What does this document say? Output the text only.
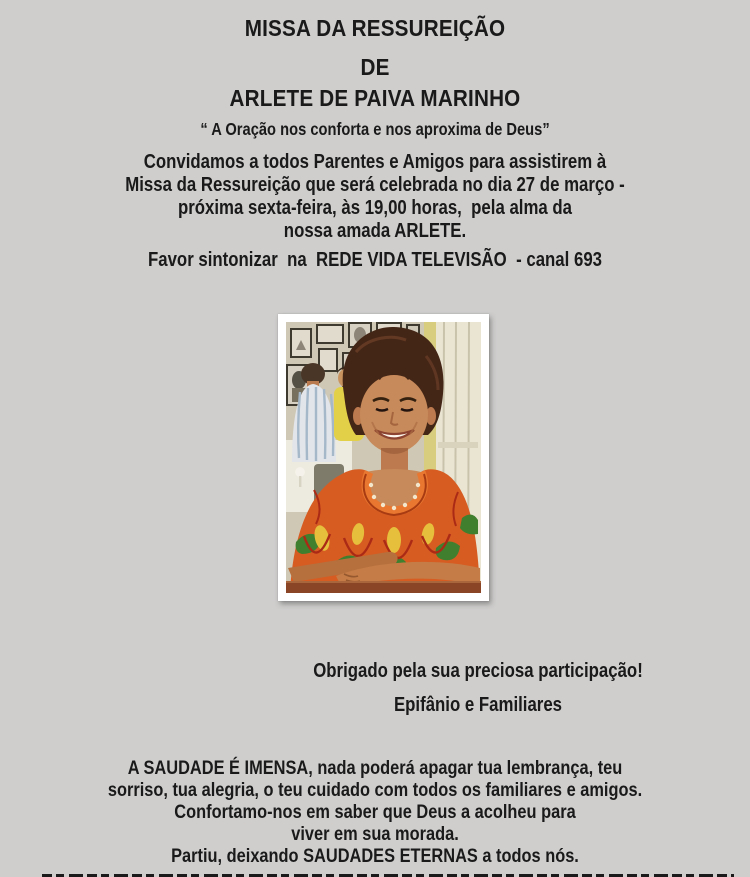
MISSA DA RESSUREIÇÃO
DE
ARLETE DE PAIVA MARINHO
“ A Oração nos conforta e nos aproxima de Deus”
Convidamos a todos Parentes e Amigos para assistirem à
Missa da Ressureição que será celebrada no dia 27 de março -
próxima sexta-feira, às 19,00 horas,  pela alma da
nossa amada ARLETE.
Favor sintonizar  na  REDE VIDA TELEVISÃO  - canal 693
Obrigado pela sua preciosa participação!
Epifânio e Familiares
A SAUDADE É IMENSA, nada poderá apagar tua lembrança, teu
sorriso, tua alegria, o teu cuidado com todos os familiares e amigos.
Confortamo-nos em saber que Deus a acolheu para
viver em sua morada.
Partiu, deixando SAUDADES ETERNAS a todos nós.
